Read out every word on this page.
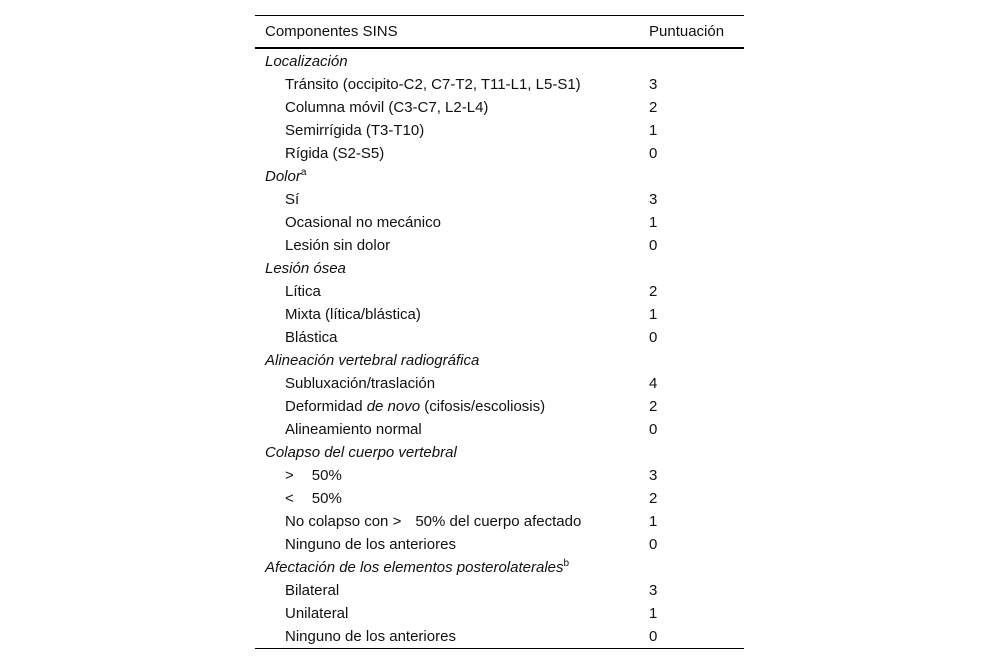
Componentes SINS	Puntuación
Localización	
Tránsito (occipito-C2, C7-T2, T11-L1, L5-S1)	3
Columna móvil (C3-C7, L2-L4)	2
Semirrígida (T3-T10)	1
Rígida (S2-S5)	0
Dolor$^a$	
Sí	3
Ocasional no mecánico	1
Lesión sin dolor	0
Lesión ósea	
Lítica	2
Mixta (lítica/blástica)	1
Blástica	0
Alineación vertebral radiográfica	
Subluxación/traslación	4
Deformidad de novo (cifosis/escoliosis)	2
Alineamiento normal	0
Colapso del cuerpo vertebral	
> 50%	3
< 50%	2
No colapso con > 50% del cuerpo afectado	1
Ninguno de los anteriores	0
Afectación de los elementos posterolaterales$^b$	
Bilateral	3
Unilateral	1
Ninguno de los anteriores	0
